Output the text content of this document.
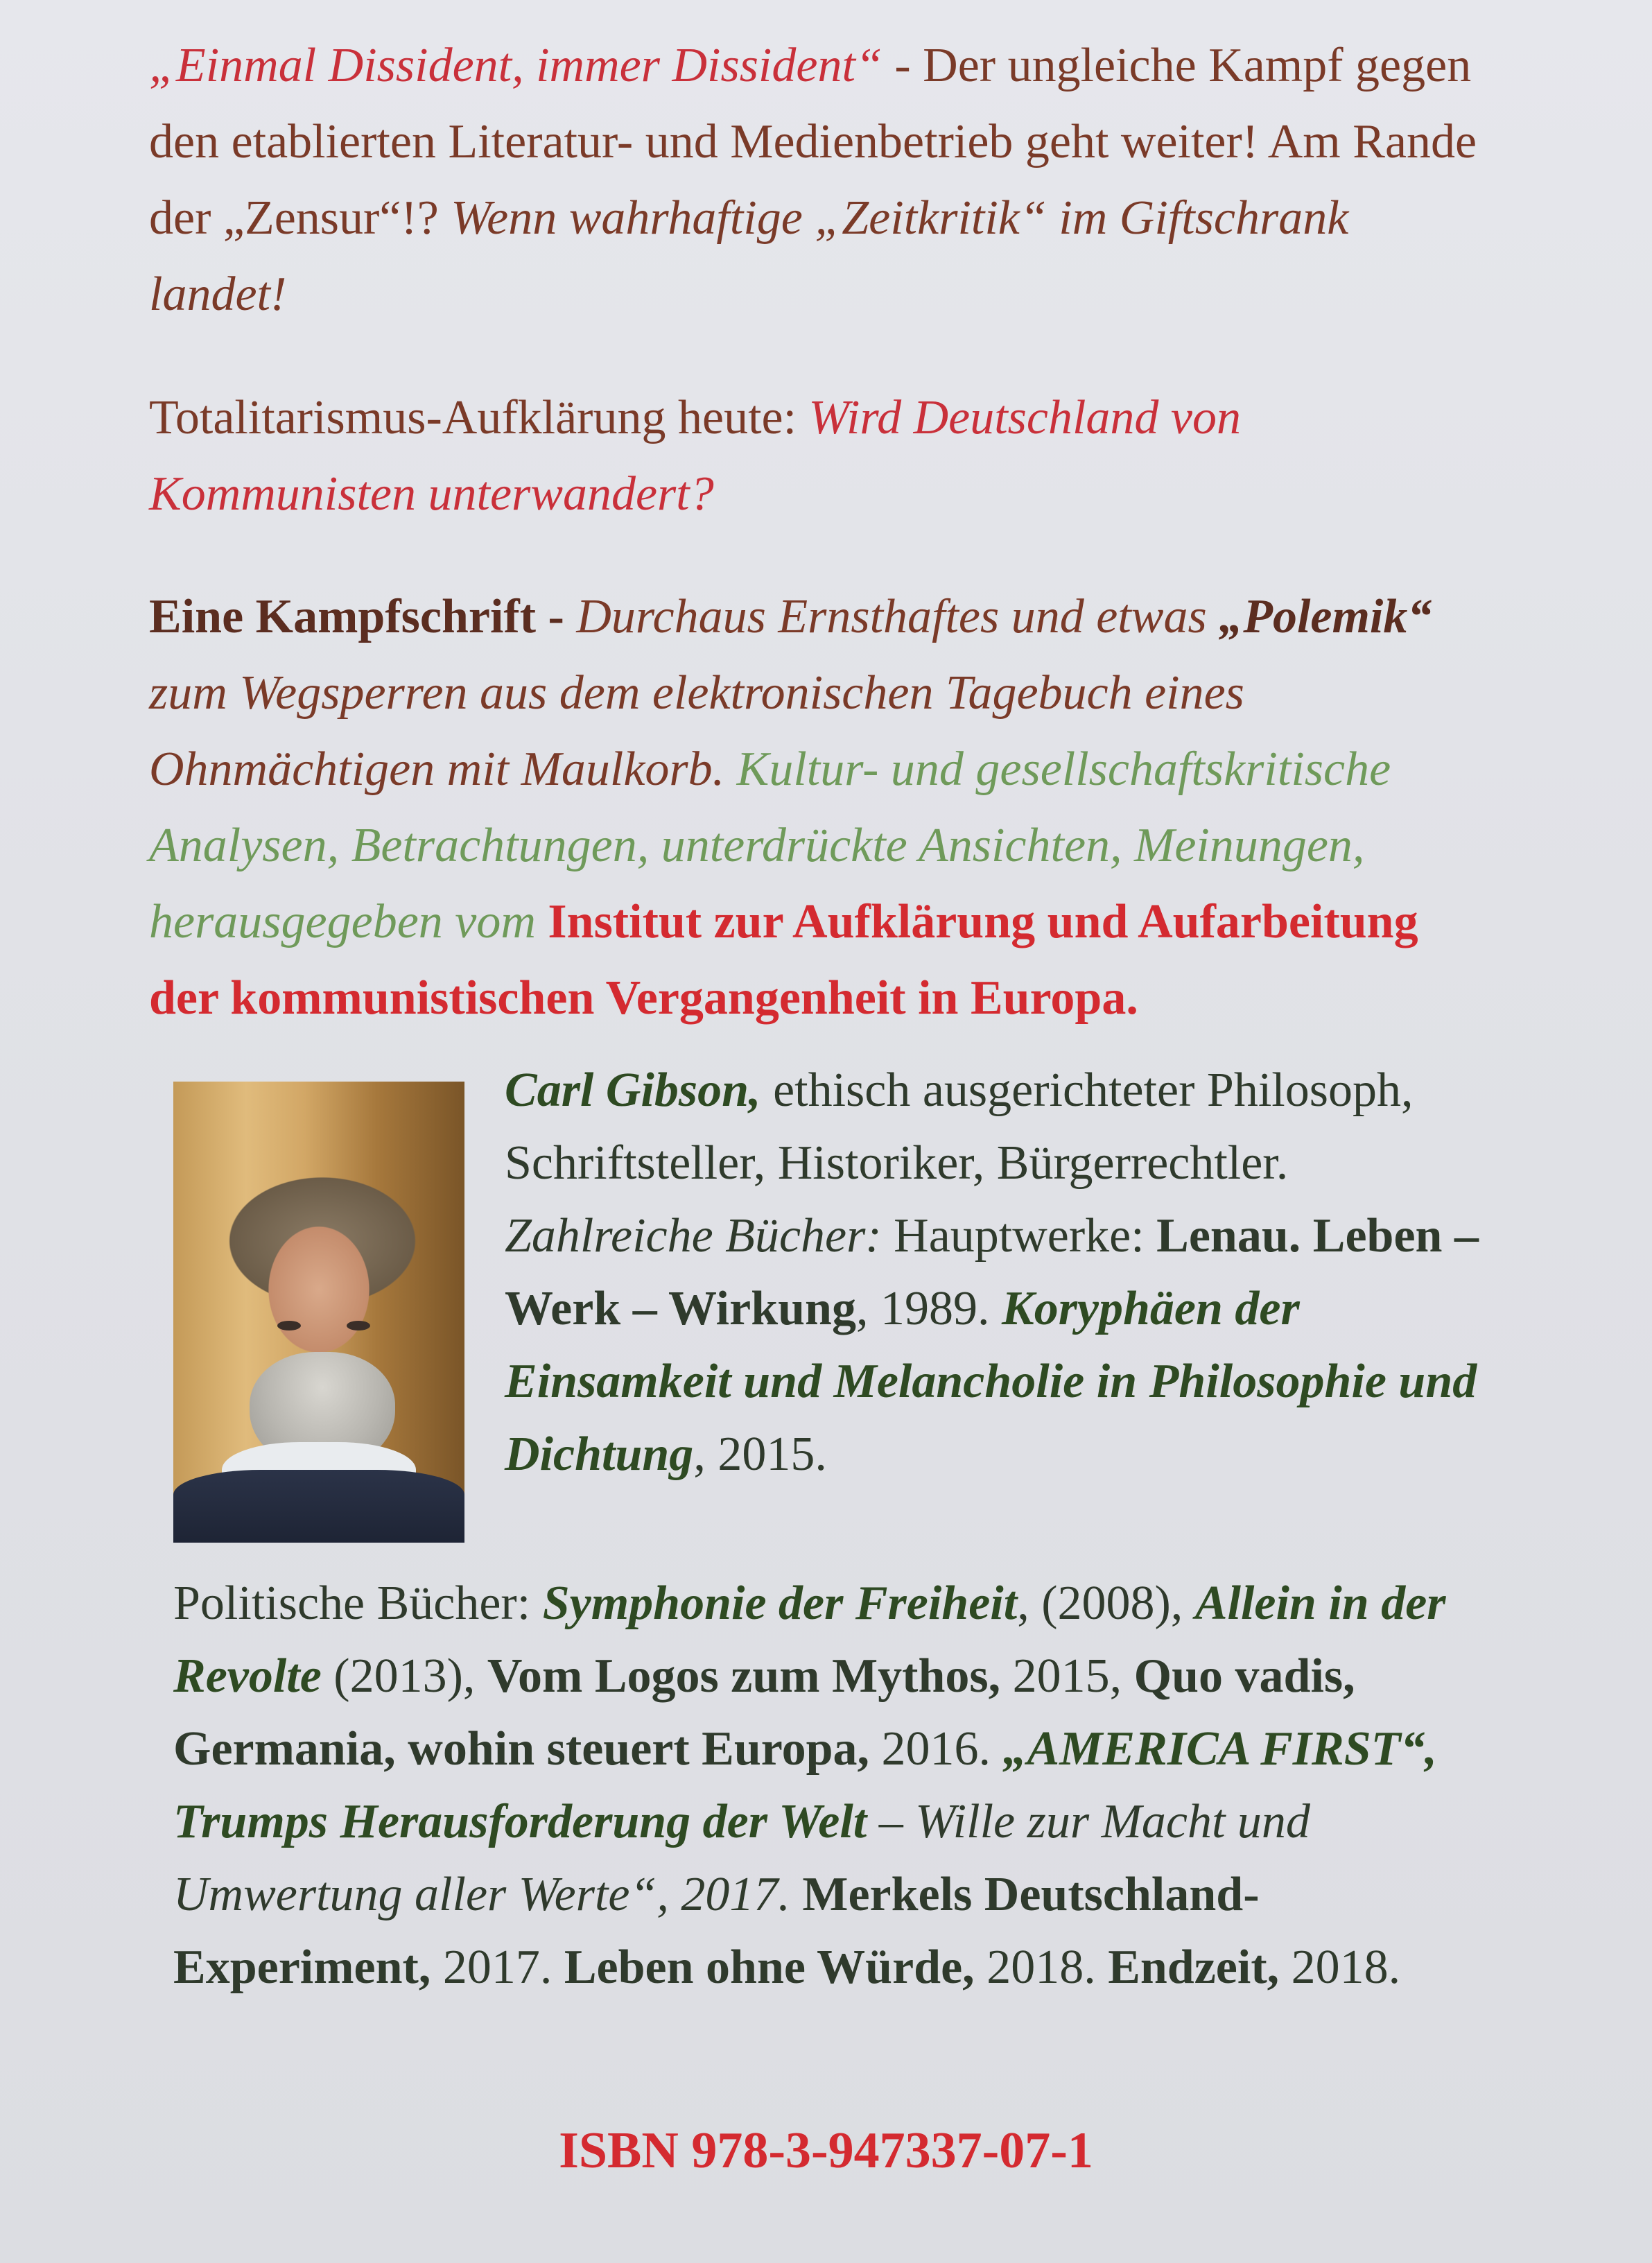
„Einmal Dissident, immer Dissident“ - Der ungleiche Kampf gegen den etablierten Literatur- und Medienbetrieb geht weiter! Am Rande der „Zensur“!? Wenn wahrhaftige „Zeitkritik“ im Giftschrank landet!

Totalitarismus-Aufklärung heute: Wird Deutschland von Kommunisten unterwandert?

Eine Kampfschrift - Durchaus Ernsthaftes und etwas „Polemik“ zum Wegsperren aus dem elektronischen Tagebuch eines Ohnmächtigen mit Maulkorb. Kultur- und gesellschaftskritische Analysen, Betrachtungen, unterdrückte Ansichten, Meinungen, herausgegeben vom Institut zur Aufklärung und Aufarbeitung der kommunistischen Vergangenheit in Europa.

Carl Gibson, ethisch ausgerichteter Philosoph, Schriftsteller, Historiker, Bürgerrechtler. Zahlreiche Bücher: Hauptwerke: Lenau. Leben – Werk – Wirkung, 1989. Koryphäen der Einsamkeit und Melancholie in Philosophie und Dichtung, 2015.

Politische Bücher: Symphonie der Freiheit, (2008), Allein in der Revolte (2013), Vom Logos zum Mythos, 2015, Quo vadis, Germania, wohin steuert Europa, 2016. „AMERICA FIRST“, Trumps Herausforderung der Welt – Wille zur Macht und Umwertung aller Werte“, 2017. Merkels Deutschland-Experiment, 2017. Leben ohne Würde, 2018. Endzeit, 2018.

ISBN 978-3-947337-07-1
